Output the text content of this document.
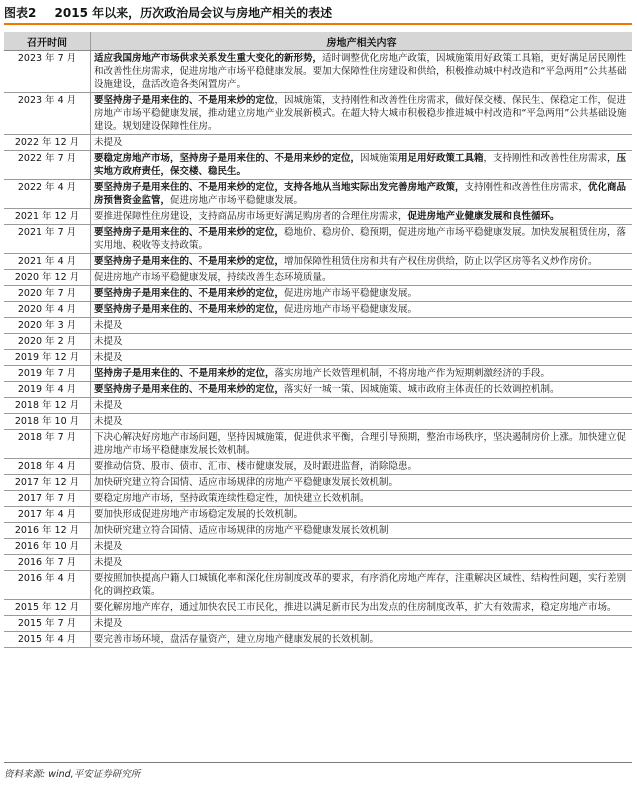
图表2 2015 年以来，历次政治局会议与房地产相关的表述
召开时间	房地产相关内容
2023 年 7 月	适应我国房地产市场供求关系发生重大变化的新形势，适时调整优化房地产政策，因城施策用好政策工具箱，更好满足居民刚性和改善性住房需求，促进房地产市场平稳健康发展。要加大保障性住房建设和供给，积极推动城中村改造和“平急两用”公共基础设施建设，盘活改造各类闲置房产。
2023 年 4 月	要坚持房子是用来住的、不是用来炒的定位，因城施策，支持刚性和改善性住房需求，做好保交楼、保民生、保稳定工作，促进房地产市场平稳健康发展，推动建立房地产业发展新模式。在超大特大城市积极稳步推进城中村改造和“平急两用”公共基础设施建设。规划建设保障性住房。
2022 年 12 月	未提及
2022 年 7 月	要稳定房地产市场，坚持房子是用来住的、不是用来炒的定位，因城施策用足用好政策工具箱，支持刚性和改善性住房需求，压实地方政府责任，保交楼、稳民生。
2022 年 4 月	要坚持房子是用来住的、不是用来炒的定位，支持各地从当地实际出发完善房地产政策，支持刚性和改善性住房需求，优化商品房预售资金监管，促进房地产市场平稳健康发展。
2021 年 12 月	要推进保障性住房建设，支持商品房市场更好满足购房者的合理住房需求，促进房地产业健康发展和良性循环。
2021 年 7 月	要坚持房子是用来住的、不是用来炒的定位，稳地价、稳房价、稳预期，促进房地产市场平稳健康发展。加快发展租赁住房，落实用地、税收等支持政策。
2021 年 4 月	要坚持房子是用来住的、不是用来炒的定位，增加保障性租赁住房和共有产权住房供给，防止以学区房等名义炒作房价。
2020 年 12 月	促进房地产市场平稳健康发展，持续改善生态环境质量。
2020 年 7 月	要坚持房子是用来住的、不是用来炒的定位，促进房地产市场平稳健康发展。
2020 年 4 月	要坚持房子是用来住的、不是用来炒的定位，促进房地产市场平稳健康发展。
2020 年 3 月	未提及
2020 年 2 月	未提及
2019 年 12 月	未提及
2019 年 7 月	坚持房子是用来住的、不是用来炒的定位，落实房地产长效管理机制，不将房地产作为短期刺激经济的手段。
2019 年 4 月	要坚持房子是用来住的、不是用来炒的定位，落实好一城一策、因城施策、城市政府主体责任的长效调控机制。
2018 年 12 月	未提及
2018 年 10 月	未提及
2018 年 7 月	下决心解决好房地产市场问题，坚持因城施策，促进供求平衡，合理引导预期，整治市场秩序，坚决遏制房价上涨。加快建立促进房地产市场平稳健康发展长效机制。
2018 年 4 月	要推动信贷、股市、债市、汇市、楼市健康发展，及时跟进监督，消除隐患。
2017 年 12 月	加快研究建立符合国情、适应市场规律的房地产平稳健康发展长效机制。
2017 年 7 月	要稳定房地产市场，坚持政策连续性稳定性，加快建立长效机制。
2017 年 4 月	要加快形成促进房地产市场稳定发展的长效机制。
2016 年 12 月	加快研究建立符合国情、适应市场规律的房地产平稳健康发展长效机制
2016 年 10 月	未提及
2016 年 7 月	未提及
2016 年 4 月	要按照加快提高户籍人口城镇化率和深化住房制度改革的要求，有序消化房地产库存，注重解决区域性、结构性问题，实行差别化的调控政策。
2015 年 12 月	要化解房地产库存，通过加快农民工市民化，推进以满足新市民为出发点的住房制度改革，扩大有效需求，稳定房地产市场。
2015 年 7 月	未提及
2015 年 4 月	要完善市场环境，盘活存量资产，建立房地产健康发展的长效机制。
资料来源: wind,平安证券研究所
